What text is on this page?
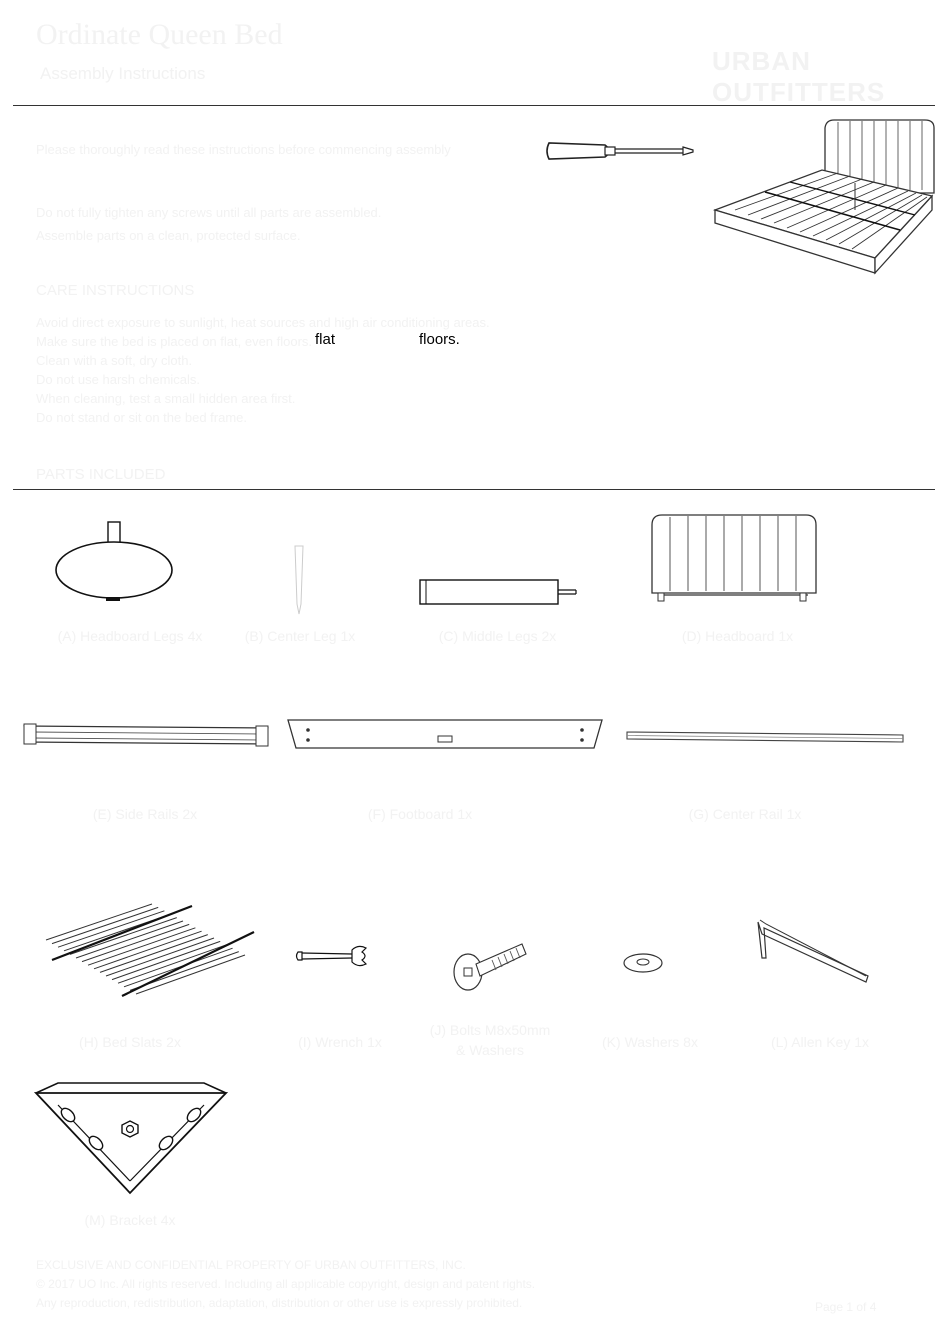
Ordinate Queen Bed
Assembly Instructions	URBAN OUTFITTERS
Please thoroughly read these instructions before commencing assembly
Do not fully tighten any screws until all parts are assembled.
Assemble parts on a clean, protected surface.
CARE INSTRUCTIONS
Avoid direct exposure to sunlight, heat sources and high air conditioning areas.
Make sure the bed is placed on flat, even floors.
Clean with a soft, dry cloth.
Do not use harsh chemicals.
When cleaning, test a small hidden area first.
Do not stand or sit on the bed frame.
flat	floors.
PARTS INCLUDED
(A) Headboard Legs 4x	(B) Center Leg 1x	(C) Middle Legs 2x	(D) Headboard 1x
(E) Side Rails 2x	(F) Footboard 1x	(G) Center Rail 1x
(H) Bed Slats 2x	(I) Wrench 1x
(J) Bolts M8x50mm
& Washers	(K) Washers 8x	(L) Allen Key 1x
(M) Bracket 4x
EXCLUSIVE AND CONFIDENTIAL PROPERTY OF URBAN OUTFITTERS, INC.
© 2017 UO Inc. All rights reserved. Including all applicable copyright, design and patent rights.
Any reproduction, redistribution, adaptation, distribution or other use is expressly prohibited.	Page 1 of 4
